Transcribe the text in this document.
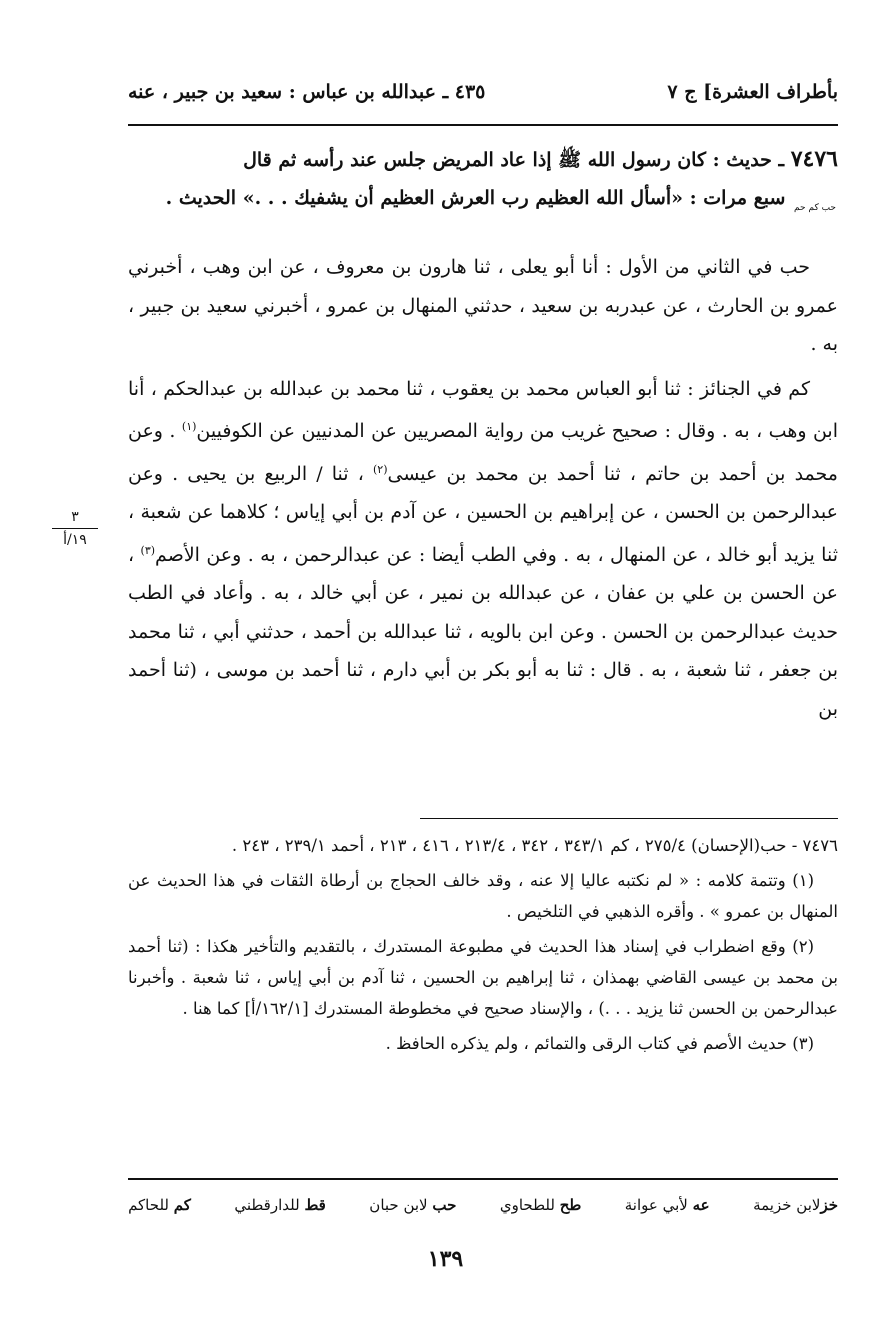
بأطراف العشرة] ج ٧
٤٣٥ ـ عبدالله بن عباس : سعيد بن جبير ، عنه
٧٤٧٦ ـ حديث : كان رسول الله ﷺ إذا عاد المريض جلس عند رأسه ثم قال
$_{حب كم حم}$ سبع مرات : «أسأل الله العظيم رب العرش العظيم أن يشفيك . . .» الحديث .

حب في الثاني من الأول : أنا أبو يعلى ، ثنا هارون بن معروف ، عن ابن وهب ، أخبرني عمرو بن الحارث ، عن عبدربه بن سعيد ، حدثني المنهال بن عمرو ، أخبرني سعيد بن جبير ، به .

كم في الجنائز : ثنا أبو العباس محمد بن يعقوب ، ثنا محمد بن عبدالله بن عبدالحكم ، أنا ابن وهب ، به . وقال : صحيح غريب من رواية المصريين عن المدنيين عن الكوفيين$^{(١)}$ . وعن محمد بن أحمد بن حاتم ، ثنا أحمد بن محمد بن عيسى$^{(٢)}$ ، ثنا / الربيع بن يحيى . وعن عبدالرحمن بن الحسن ، عن إبراهيم بن الحسين ، عن آدم بن أبي إياس ؛ كلاهما عن شعبة ، ثنا يزيد أبو خالد ، عن المنهال ، به . وفي الطب أيضا : عن عبدالرحمن ، به . وعن الأصم$^{(٣)}$ ، عن الحسن بن علي بن عفان ، عن عبدالله بن نمير ، عن أبي خالد ، به . وأعاد في الطب حديث عبدالرحمن بن الحسن . وعن ابن بالويه ، ثنا عبدالله بن أحمد ، حدثني أبي ، ثنا محمد بن جعفر ، ثنا شعبة ، به . قال : ثنا به أبو بكر بن أبي دارم ، ثنا أحمد بن موسى ، (ثنا أحمد بن

٣
١٩/أ

٧٤٧٦ - حب(الإحسان) ٢٧٥/٤ ، كم ٣٤٣/١ ، ٣٤٢ ، ٢١٣/٤ ، ٤١٦ ، ٢١٣ ، أحمد ٢٣٩/١ ، ٢٤٣ .

(١) وتتمة كلامه : « لم نكتبه عاليا إلا عنه ، وقد خالف الحجاج بن أرطاة الثقات في هذا الحديث عن المنهال بن عمرو » . وأقره الذهبي في التلخيص .

(٢) وقع اضطراب في إسناد هذا الحديث في مطبوعة المستدرك ، بالتقديم والتأخير هكذا : (ثنا أحمد بن محمد بن عيسى القاضي بهمذان ، ثنا إبراهيم بن الحسين ، ثنا آدم بن أبي إياس ، ثنا شعبة . وأخبرنا عبدالرحمن بن الحسن ثنا يزيد . . .) ، والإسناد صحيح في مخطوطة المستدرك [١٦٢/١/أ] كما هنا .

(٣) حديث الأصم في كتاب الرقى والتمائم ، ولم يذكره الحافظ .

خزلابن خزيمة
عه لأبي عوانة
طح للطحاوي
حب لابن حبان
قط للدارقطني
كم للحاكم
١٣٩
